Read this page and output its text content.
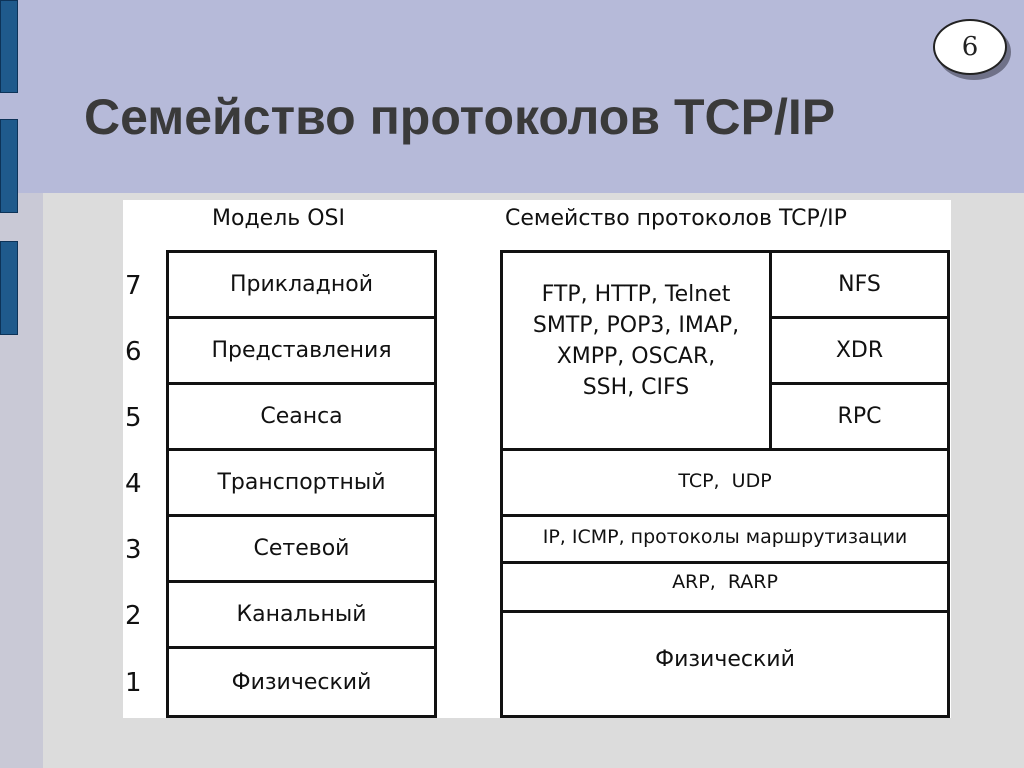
6
Семейство протоколов TCP/IP
Модель OSI	Семейство протоколов TCP/IP
7
6
5
4
3
2
1
Прикладной
Представления
Сеанса
Транспортный
Сетевой
Канальный
Физический
FTP, HTTP, Telnet
SMTP, POP3, IMAP,
XMPP, OSCAR,
SSH, CIFS
NFS
XDR
RPC
TCP,  UDP
IP, ICMP, протоколы маршрутизации
ARP,  RARP
Физический
